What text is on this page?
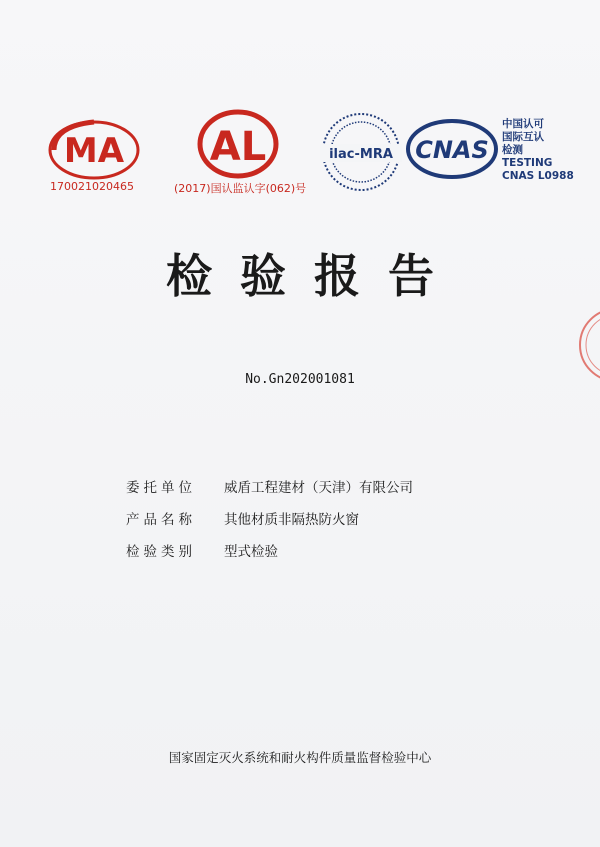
MA
170021020465
AL
(2017)国认监认字(062)号
ilac-MRA CNAS
中国认可
国际互认
检测
TESTING
CNAS L0988
检验报告
No.Gn202001081
委托单位	威盾工程建材（天津）有限公司
产品名称	其他材质非隔热防火窗
检验类别	型式检验
国家固定灭火系统和耐火构件质量监督检验中心
